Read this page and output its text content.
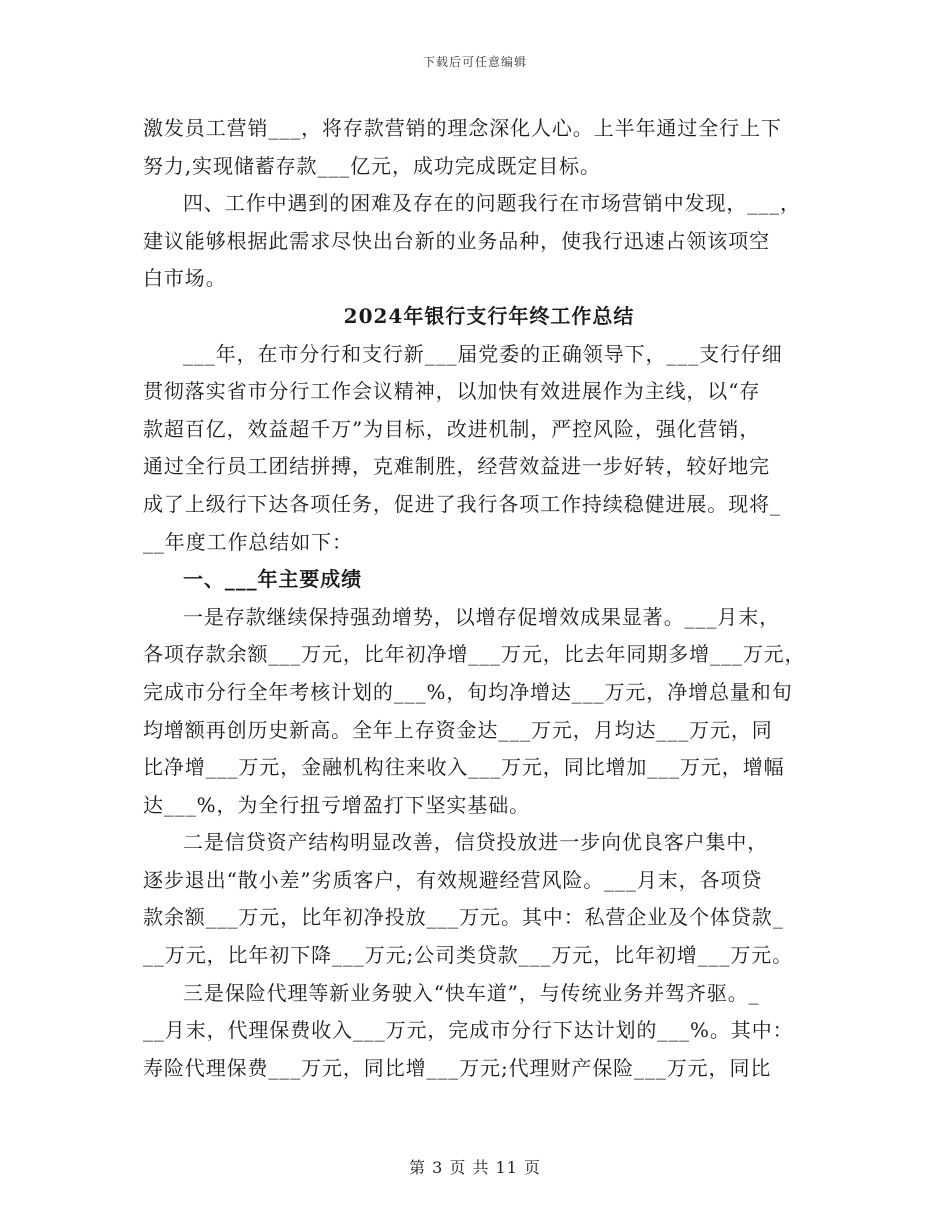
下载后可任意编辑
激发员工营销___，将存款营销的理念深化人心。上半年通过全行上下
努力,实现储蓄存款___亿元，成功完成既定目标。
四、工作中遇到的困难及存在的问题我行在市场营销中发现，___，
建议能够根据此需求尽快出台新的业务品种，使我行迅速占领该项空
白市场。
2024年银行支行年终工作总结
___年，在市分行和支行新___届党委的正确领导下，___支行仔细
贯彻落实省市分行工作会议精神，以加快有效进展作为主线，以“存
款超百亿，效益超千万”为目标，改进机制，严控风险，强化营销，
通过全行员工团结拼搏，克难制胜，经营效益进一步好转，较好地完
成了上级行下达各项任务，促进了我行各项工作持续稳健进展。现将_
__年度工作总结如下：
一、___年主要成绩
一是存款继续保持强劲增势，以增存促增效成果显著。___月末，
各项存款余额___万元，比年初净增___万元，比去年同期多增___万元，
完成市分行全年考核计划的___%，旬均净增达___万元，净增总量和旬
均增额再创历史新高。全年上存资金达___万元，月均达___万元，同
比净增___万元，金融机构往来收入___万元，同比增加___万元，增幅
达___%，为全行扭亏增盈打下坚实基础。
二是信贷资产结构明显改善，信贷投放进一步向优良客户集中，
逐步退出“散小差”劣质客户，有效规避经营风险。___月末，各项贷
款余额___万元，比年初净投放___万元。其中：私营企业及个体贷款_
__万元，比年初下降___万元;公司类贷款___万元，比年初增___万元。
三是保险代理等新业务驶入“快车道”，与传统业务并驾齐驱。_
__月末，代理保费收入___万元，完成市分行下达计划的___%。其中：
寿险代理保费___万元，同比增___万元;代理财产保险___万元，同比
第 3 页 共 11 页
